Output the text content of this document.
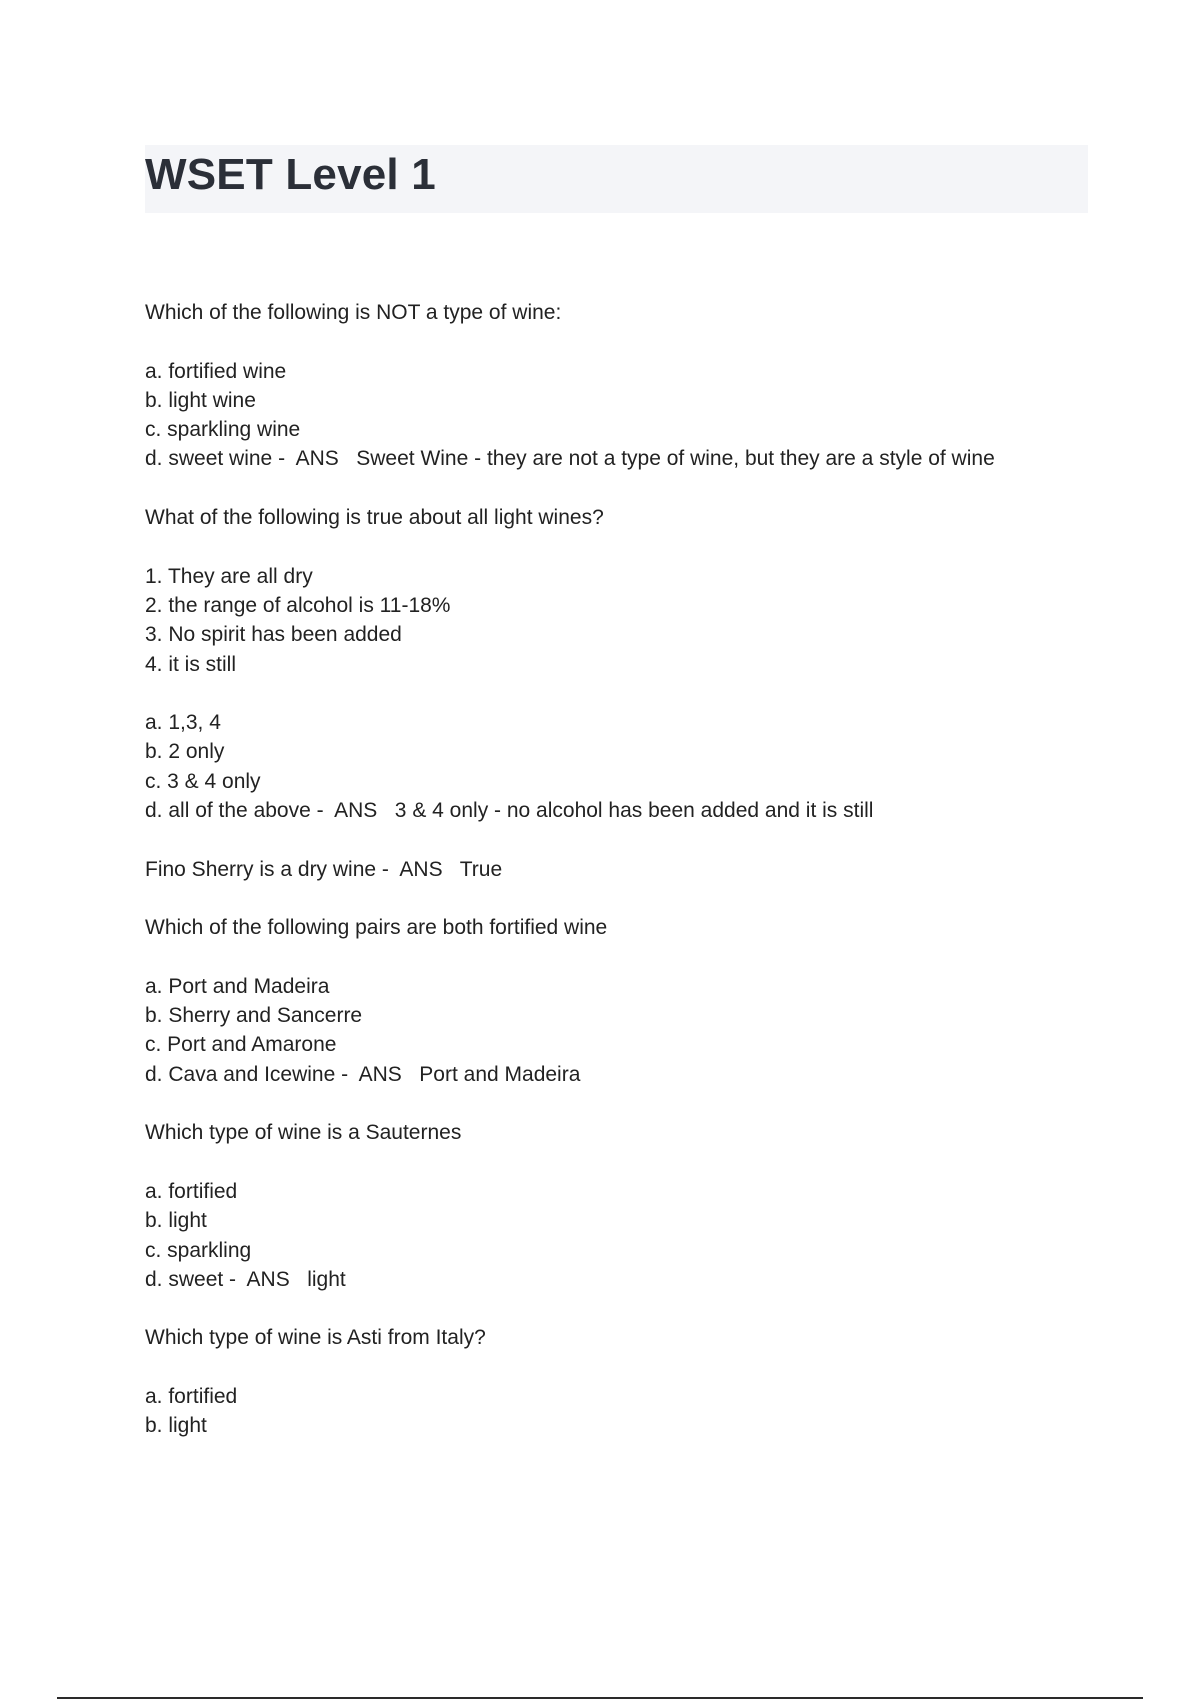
WSET Level 1
Which of the following is NOT a type of wine:
a. fortified wine
b. light wine
c. sparkling wine
d. sweet wine -  ANS   Sweet Wine - they are not a type of wine, but they are a style of wine
What of the following is true about all light wines?
1. They are all dry
2. the range of alcohol is 11-18%
3. No spirit has been added
4. it is still
a. 1,3, 4
b. 2 only
c. 3 & 4 only
d. all of the above -  ANS   3 & 4 only - no alcohol has been added and it is still
Fino Sherry is a dry wine -  ANS   True
Which of the following pairs are both fortified wine
a. Port and Madeira
b. Sherry and Sancerre
c. Port and Amarone
d. Cava and Icewine -  ANS   Port and Madeira
Which type of wine is a Sauternes
a. fortified
b. light
c. sparkling
d. sweet -  ANS   light
Which type of wine is Asti from Italy?
a. fortified
b. light
